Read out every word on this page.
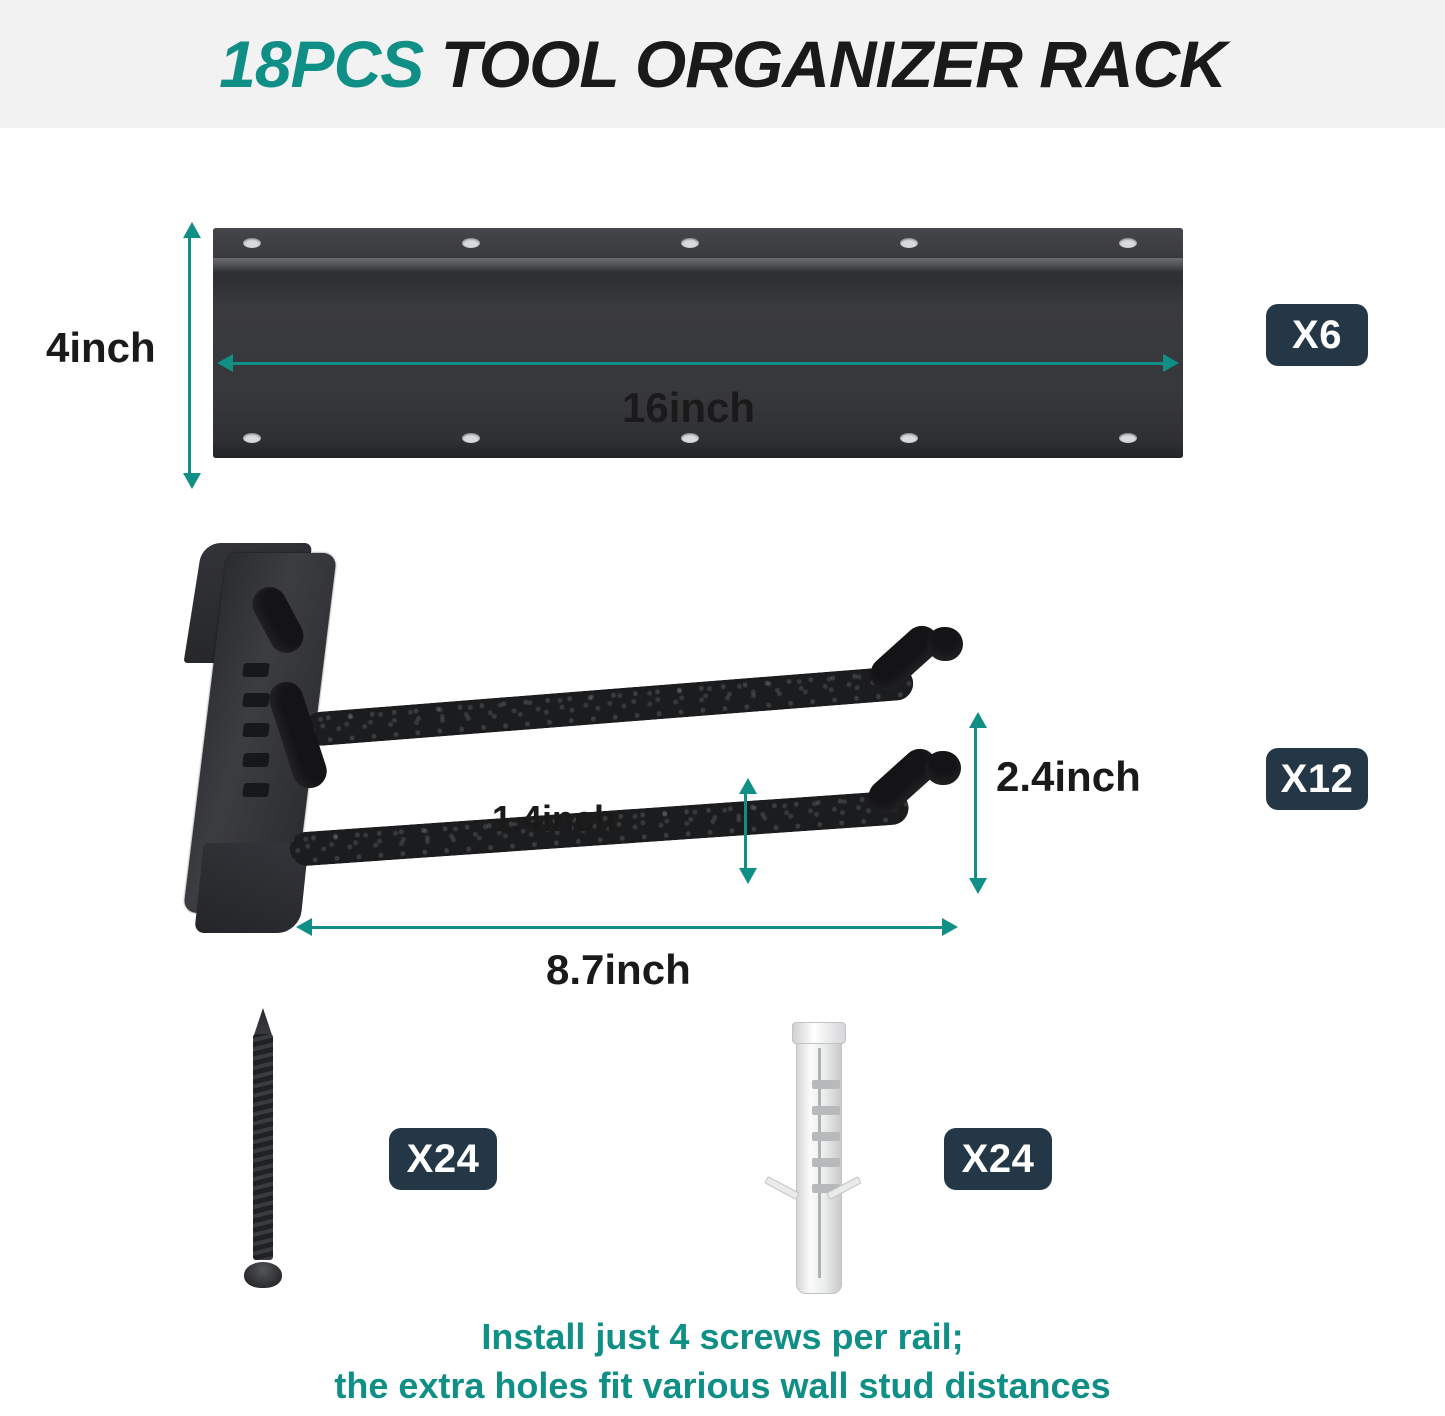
18PCS TOOL ORGANIZER RACK
4inch
16inch
X6
2.4inch
1.4inch
8.7inch
X12
X24	X24
Install just 4 screws per rail;
the extra holes fit various wall stud distances
